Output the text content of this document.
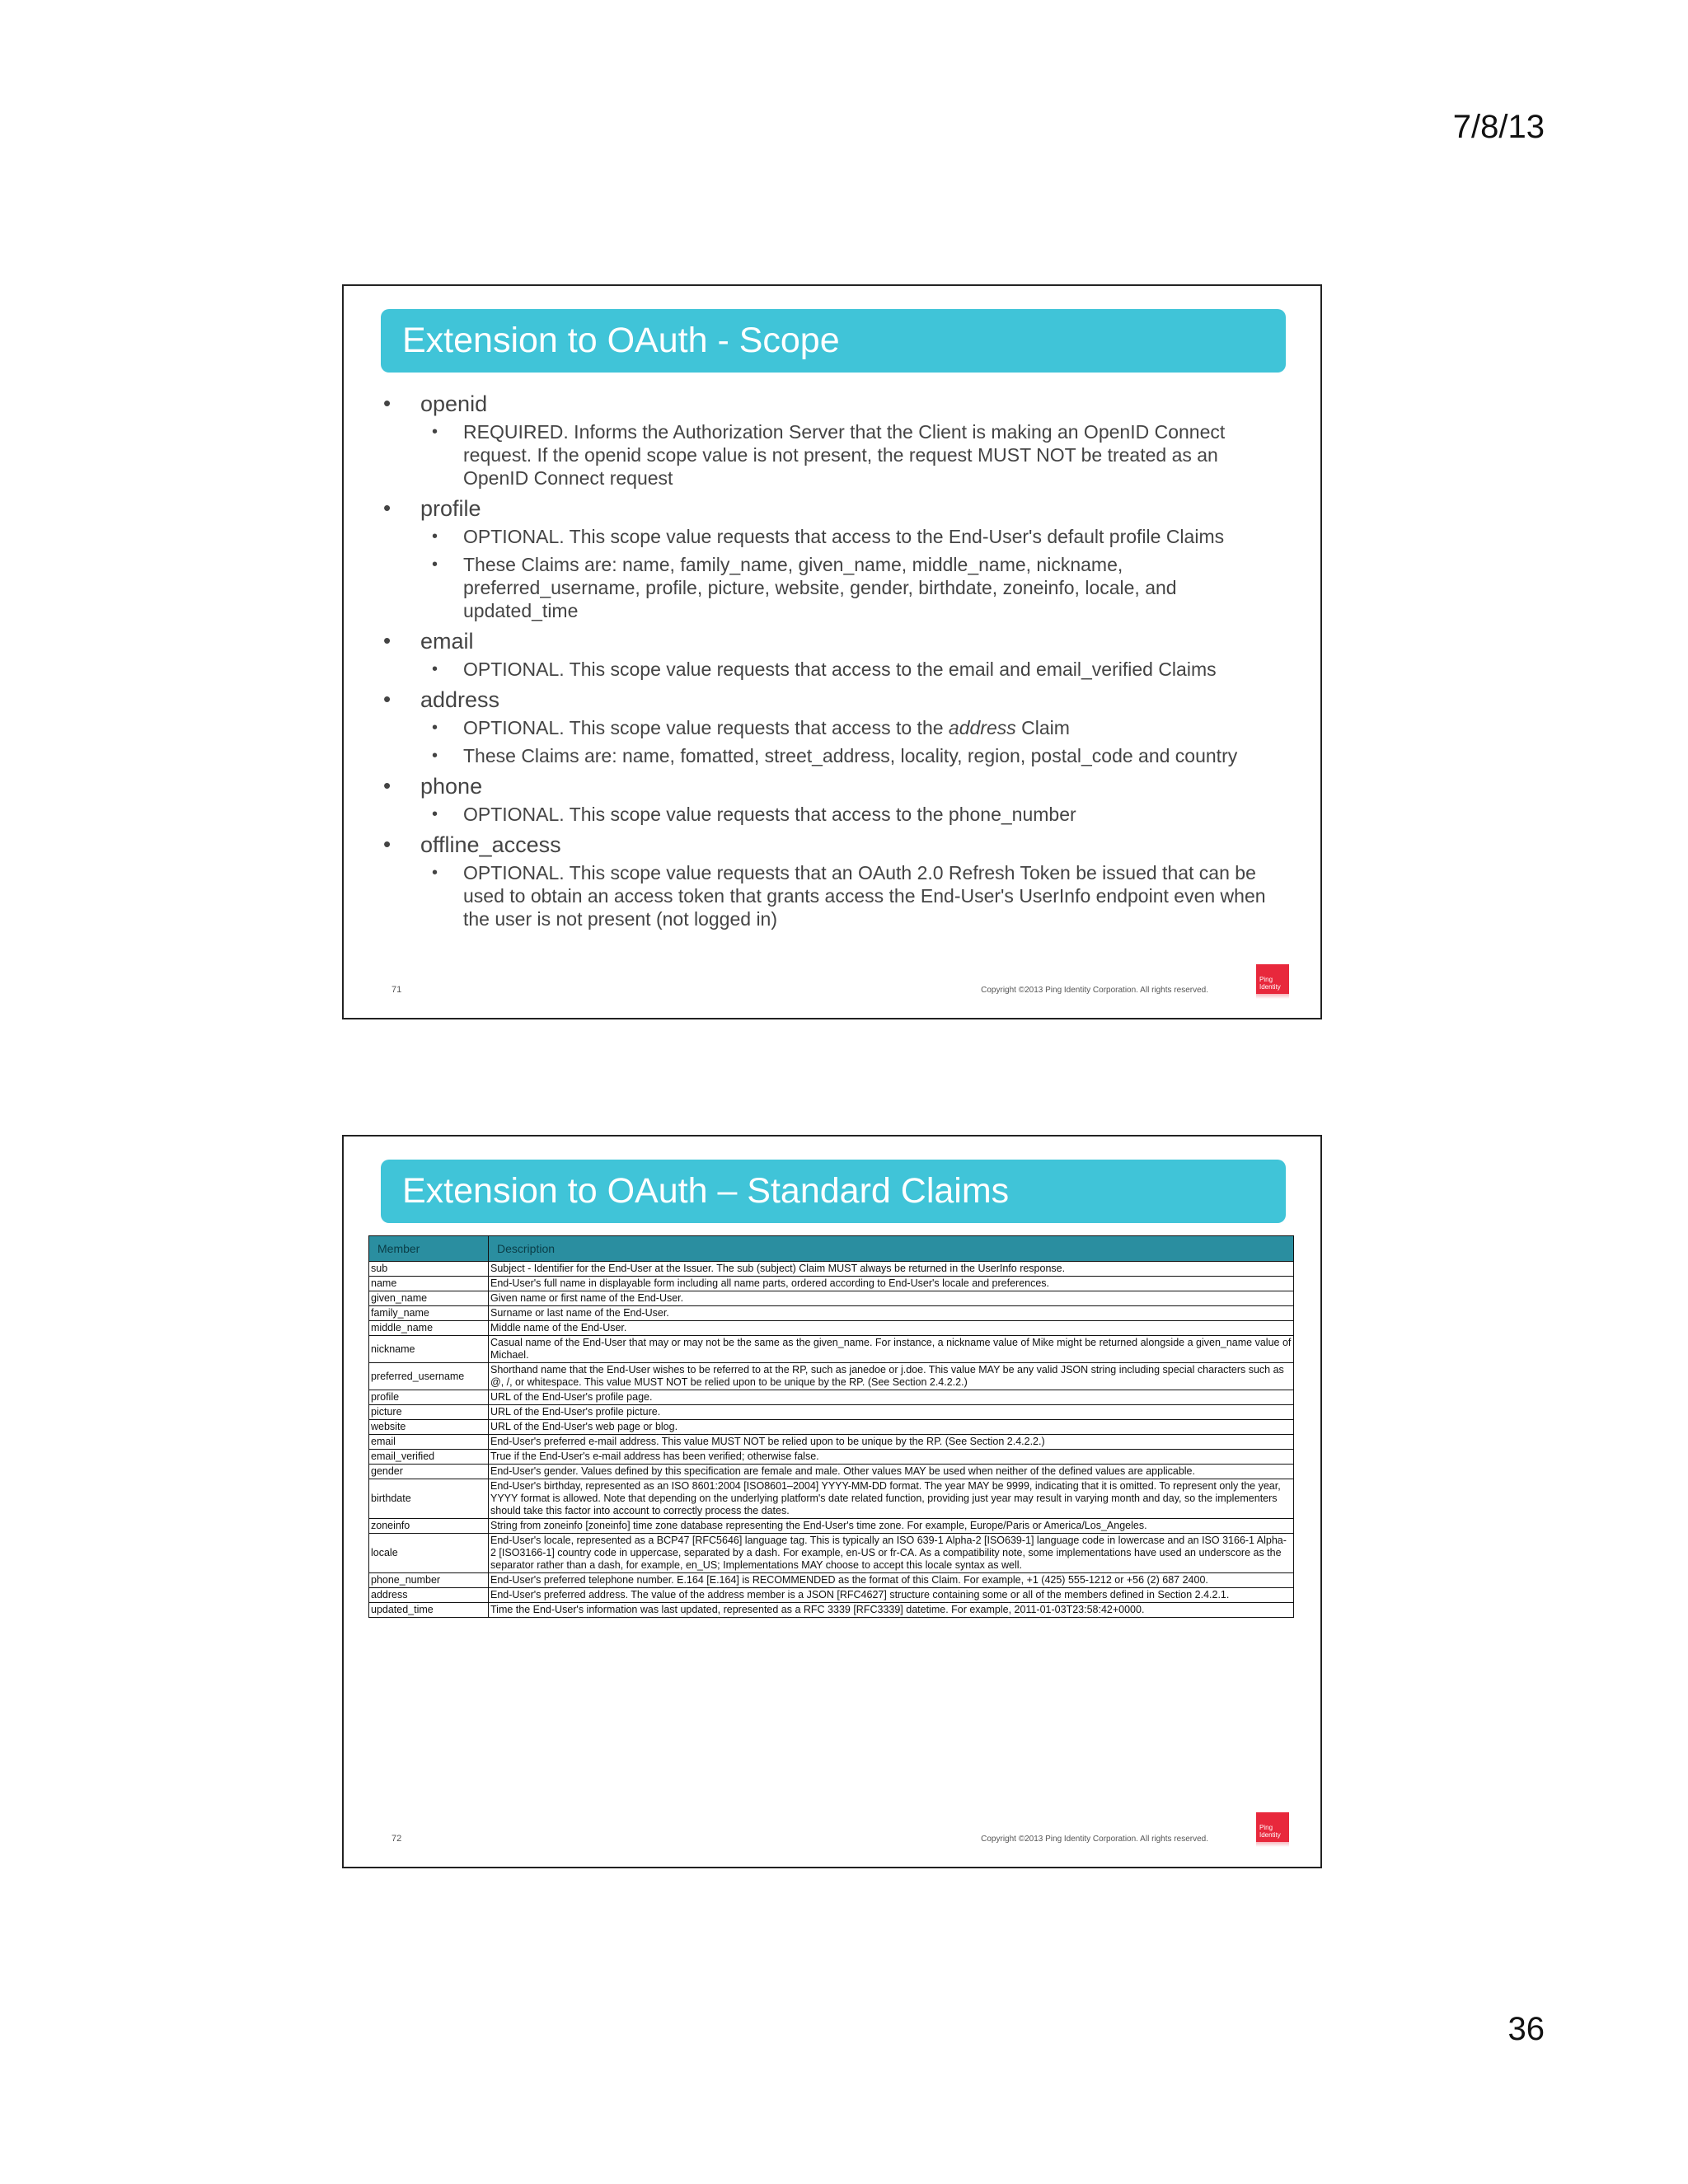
7/8/13
Extension to OAuth - Scope
• openid
• REQUIRED. Informs the Authorization Server that the Client is making an OpenID Connect request. If the openid scope value is not present, the request MUST NOT be treated as an OpenID Connect request
• profile
• OPTIONAL. This scope value requests that access to the End-User's default profile Claims
• These Claims are: name, family_name, given_name, middle_name, nickname, preferred_username, profile, picture, website, gender, birthdate, zoneinfo, locale, and updated_time
• email
• OPTIONAL. This scope value requests that access to the email and email_verified Claims
• address
• OPTIONAL. This scope value requests that access to the address Claim
• These Claims are: name, fomatted, street_address, locality, region, postal_code and country
• phone
• OPTIONAL. This scope value requests that access to the phone_number
• offline_access
• OPTIONAL. This scope value requests that an OAuth 2.0 Refresh Token be issued that can be used to obtain an access token that grants access the End-User's UserInfo endpoint even when the user is not present (not logged in)
71	Copyright ©2013 Ping Identity Corporation. All rights reserved.
Ping
Identity
Extension to OAuth – Standard Claims
Member	Description
sub	Subject - Identifier for the End-User at the Issuer. The sub (subject) Claim MUST always be returned in the UserInfo response.
name	End-User's full name in displayable form including all name parts, ordered according to End-User's locale and preferences.
given_name	Given name or first name of the End-User.
family_name	Surname or last name of the End-User.
middle_name	Middle name of the End-User.
nickname	Casual name of the End-User that may or may not be the same as the given_name. For instance, a nickname value of Mike might be returned alongside a given_name value of Michael.
preferred_username	Shorthand name that the End-User wishes to be referred to at the RP, such as janedoe or j.doe. This value MAY be any valid JSON string including special characters such as @, /, or whitespace. This value MUST NOT be relied upon to be unique by the RP. (See Section 2.4.2.2.)
profile	URL of the End-User's profile page.
picture	URL of the End-User's profile picture.
website	URL of the End-User's web page or blog.
email	End-User's preferred e-mail address. This value MUST NOT be relied upon to be unique by the RP. (See Section 2.4.2.2.)
email_verified	True if the End-User's e-mail address has been verified; otherwise false.
gender	End-User's gender. Values defined by this specification are female and male. Other values MAY be used when neither of the defined values are applicable.
birthdate	End-User's birthday, represented as an ISO 8601:2004 [ISO8601–2004] YYYY-MM-DD format. The year MAY be 9999, indicating that it is omitted. To represent only the year, YYYY format is allowed. Note that depending on the underlying platform's date related function, providing just year may result in varying month and day, so the implementers should take this factor into account to correctly process the dates.
zoneinfo	String from zoneinfo [zoneinfo] time zone database representing the End-User's time zone. For example, Europe/Paris or America/Los_Angeles.
locale	End-User's locale, represented as a BCP47 [RFC5646] language tag. This is typically an ISO 639-1 Alpha-2 [ISO639‑1] language code in lowercase and an ISO 3166-1 Alpha-2 [ISO3166‑1] country code in uppercase, separated by a dash. For example, en-US or fr-CA. As a compatibility note, some implementations have used an underscore as the separator rather than a dash, for example, en_US; Implementations MAY choose to accept this locale syntax as well.
phone_number	End-User's preferred telephone number. E.164 [E.164] is RECOMMENDED as the format of this Claim. For example, +1 (425) 555-1212 or +56 (2) 687 2400.
address	End-User's preferred address. The value of the address member is a JSON [RFC4627] structure containing some or all of the members defined in Section 2.4.2.1.
updated_time	Time the End-User's information was last updated, represented as a RFC 3339 [RFC3339] datetime. For example, 2011-01-03T23:58:42+0000.
72	Copyright ©2013 Ping Identity Corporation. All rights reserved.
Ping
Identity
36
